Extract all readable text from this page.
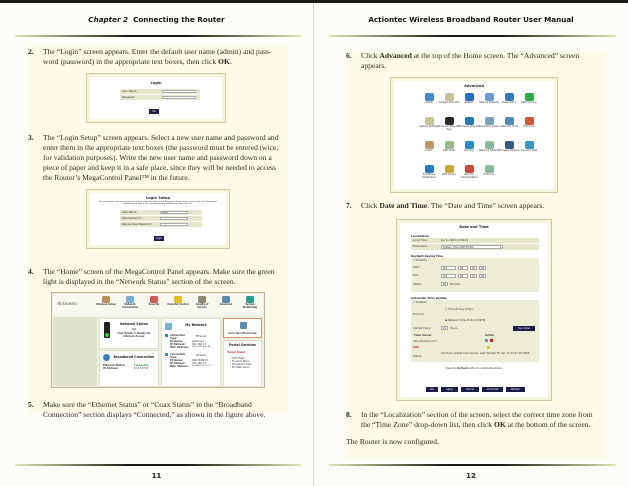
Chapter 2 Connecting the Router
2. The “Login” screen appears. Enter the default user name (admin) and pass-
word (password) in the appropriate text boxes, then click OK.
Login
User Name:
Password:
OK
3. The “Login Setup” screen appears. Select a new user name and password and
enter them in the appropriate text boxes (the password must be entered twice,
for validation purposes). Write the new user name and password down on a
piece of paper and keep it in a safe place, since they will be needed to access
the Router’s MegaControl Panel™ in the future.
Login Setup
We now require you to change your default login User Name and Password. Please select a new login User Name and Password and type it into the appropriate fields below, then click OK.
User Name:	admin
New Password:
Retype New Password:
Login
4. The “Home” screen of the MegaControl Panel appears. Make sure the green
light is displayed in the “Network Status” section of the screen.
Actiontec	Wireless Setup	Network Connections
Security	Parental Control	Quality of Service
Advanced	System Monitoring
Network Status
Net
Your Router is Ready for Internet Access
Broadband Connection
Ethernet Status:	Connected
IP Address:	67.67.67.67
My Network
Connection Type:
Ethernet
PC Name:	gateway2
IP Address:	192.168.1.2
MAC Address: 00:00:27:63:ac:45
Connection Type:
Wireless
PC Name:	DAD-MOM-PC
IP Address:	192.168.1.3
MAC Address: 00:0B:B3:11:11:11
Go to the Internet now
Portal Services
Yahoo! Qwest
• Start Page
• E-mail & More
• Broadband Deal
• My Web Space
5. Make sure the “Ethernet Status” or “Coax Status” in the “Broadband
Connection” section displays “Connected,” as shown in the figure above.
11
Actiontec Wireless Broadband Router User Manual
6. Click Advanced at the top of the Home screen. The “Advanced” screen
appears.
Advanced
About	Configuration File	Restart	Restore Defaults	Diagnostics	MAC Cloning
System Settings Universal Plug and Play
Firmware Upgrade Scheduler Rules Date and Time	Port Lock
Users	ARP Table	Routing	Network Objects Firmware Restore Dynamic DNS
IP Address Distribution
DNS Server	Remote Administration
Protocols
7. Click Date and Time. The “Date and Time” screen appears.
Date and Time
Localization
Local Time:	Jan 1, 2003 21:26:10
Time Zone:	Eastern_Time (GMT-05:00)	▾
Daylight Saving Time
☐ Enabled
Start:	Mar	28	00	00
End:	Oct	28	01	00
Offset:	60	Minutes
Automatic Time Update
☐ Enabled
Protocol:
○ Time Of Day (TOD)
◉ Network Time Protocol (NTP)
Update Every:	24	Hours	Sync Now
Time Server	Action
ntp.actiontec.com
Add
Status:
Got time update from server, Last Update: Fri Apr 14 11:27:45 2006
Press the Refresh button to update the status.
OK	Apply	Cancel	Clock Set	Refresh
8. In the “Localization” section of the screen, select the correct time zone from
the “Time Zone” drop-down list, then click OK at the bottom of the screen.
The Router is now configured.
12
